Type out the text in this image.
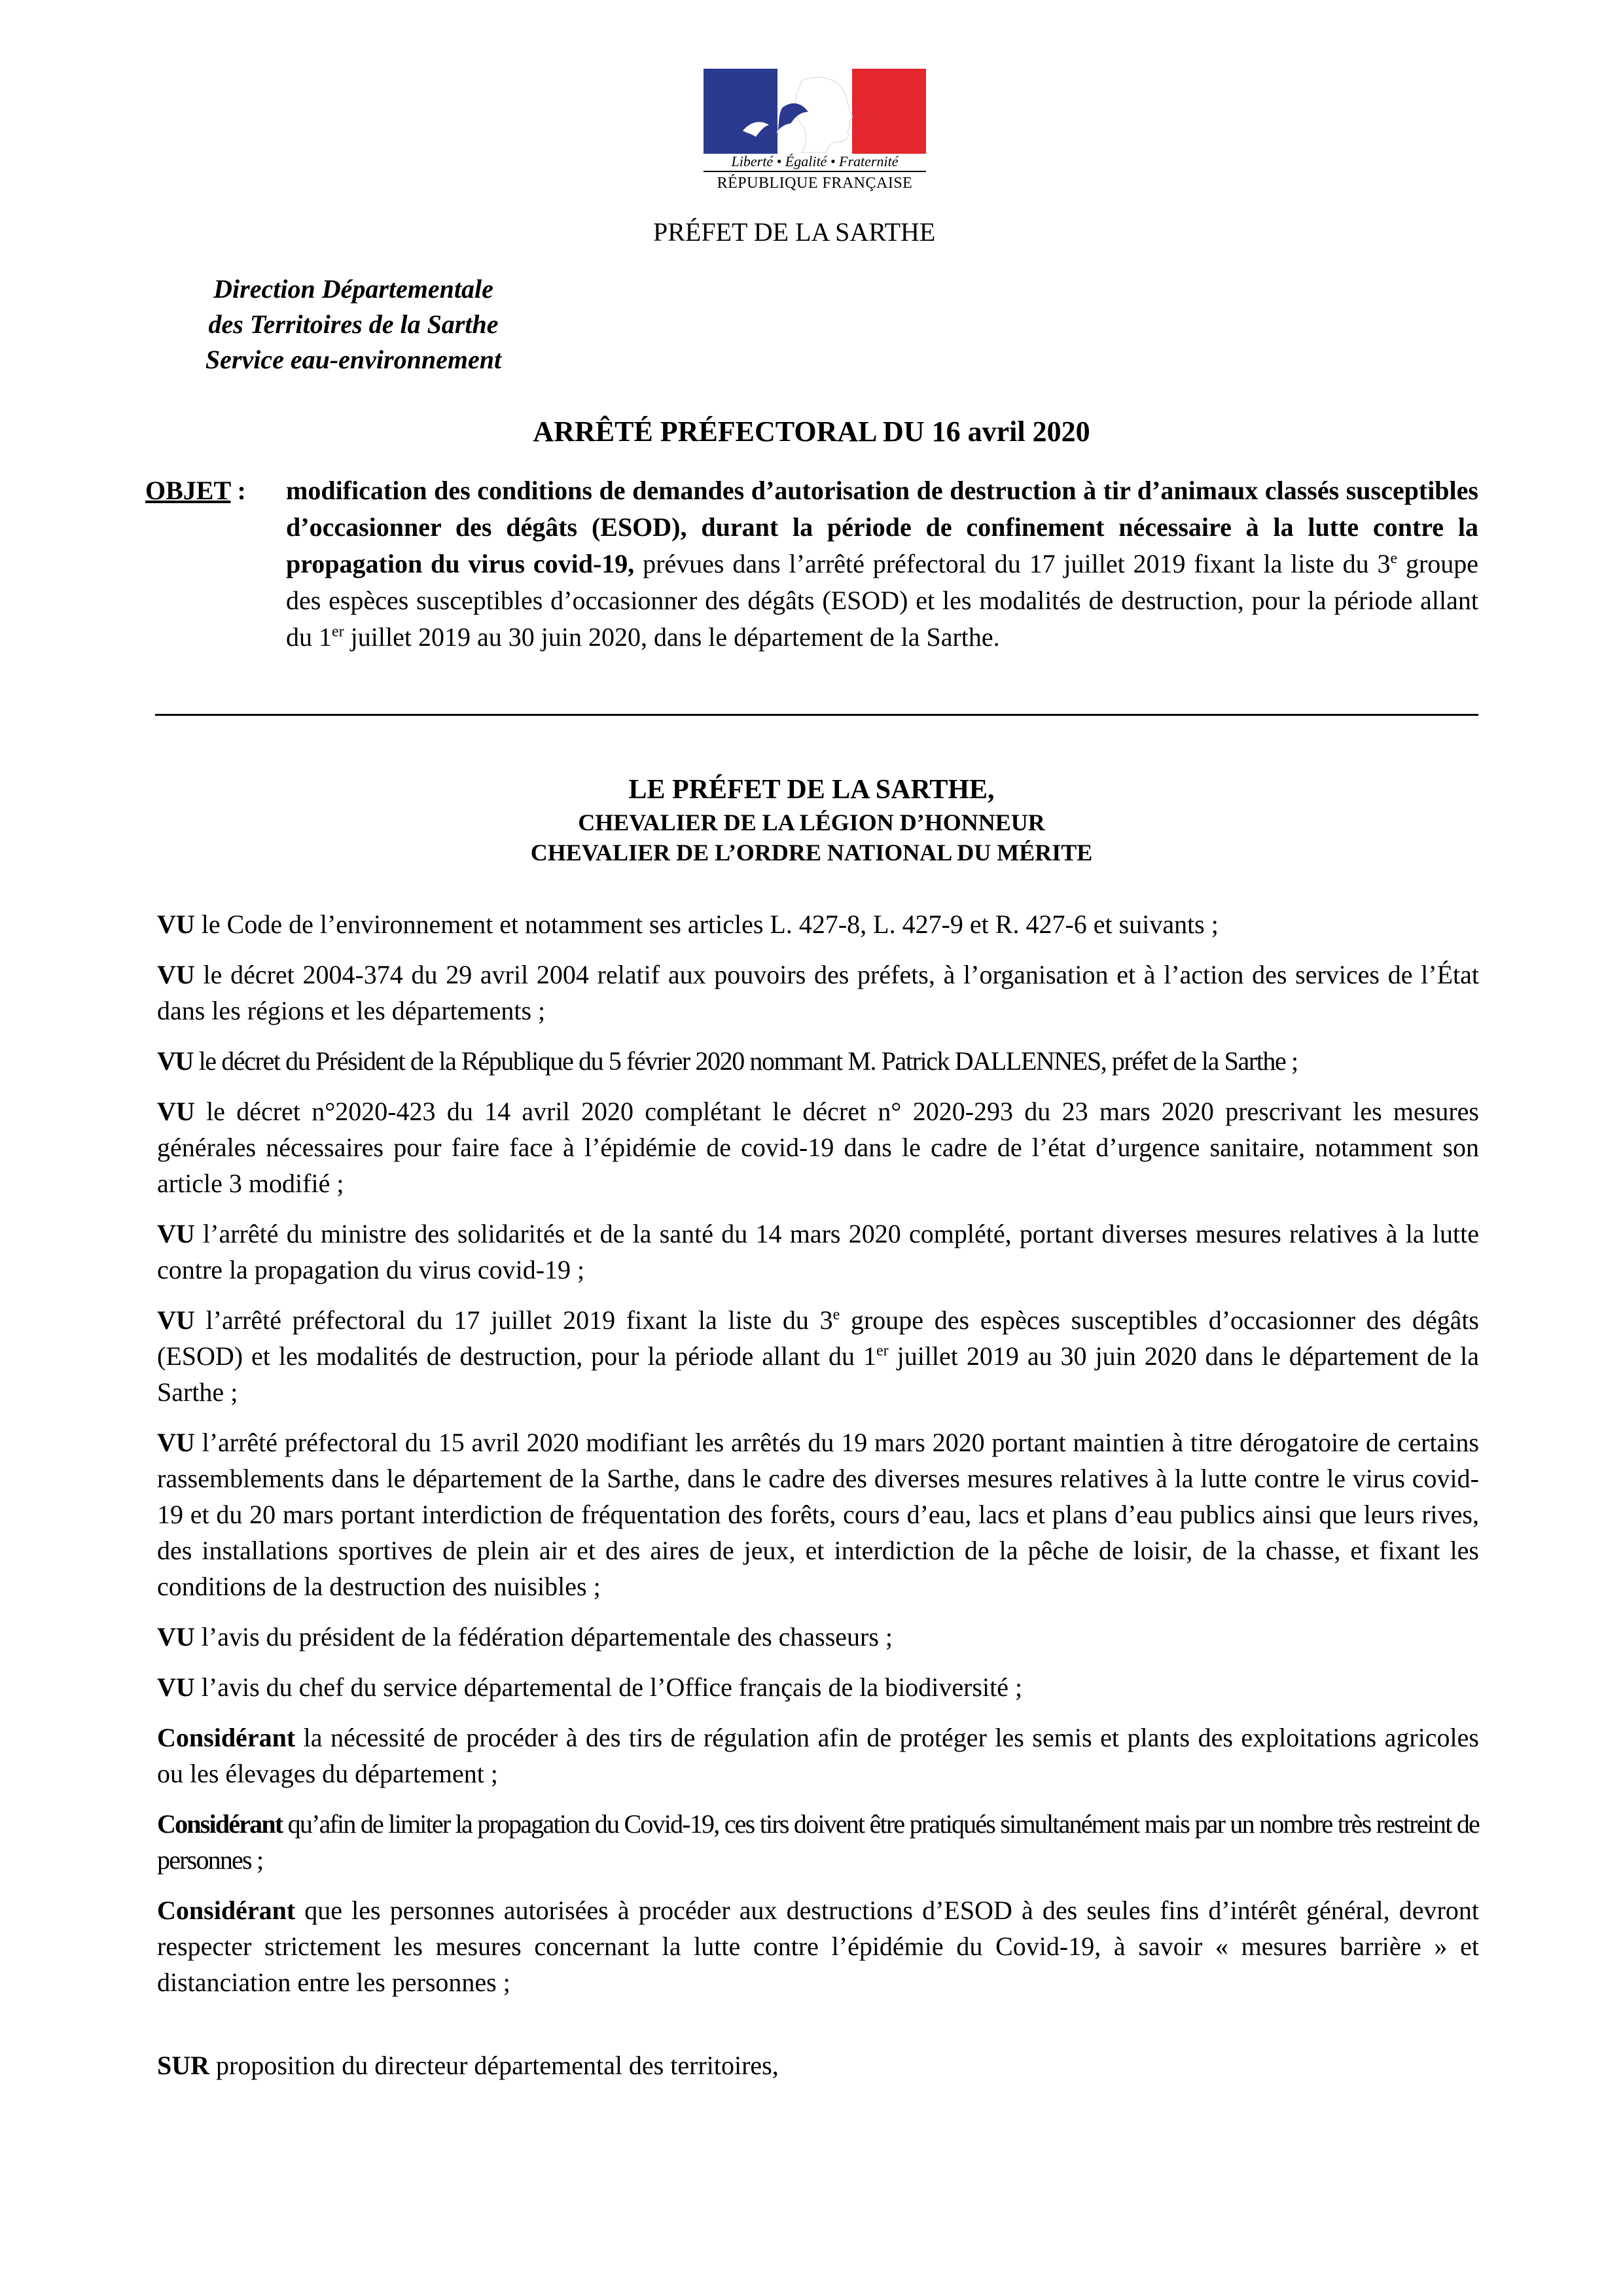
Liberté • Égalité • Fraternité
RÉPUBLIQUE FRANÇAISE
PRÉFET DE LA SARTHE
Direction Départementale
des Territoires de la Sarthe
Service eau-environnement
ARRÊTÉ PRÉFECTORAL DU 16 avril 2020
OBJET : modification des conditions de demandes d’autorisation de destruction à tir d’animaux classés susceptibles d’occasionner des dégâts (ESOD), durant la période de confinement nécessaire à la lutte contre la propagation du virus covid-19, prévues dans l’arrêté préfectoral du 17 juillet 2019 fixant la liste du 3e groupe des espèces susceptibles d’occasionner des dégâts (ESOD) et les modalités de destruction, pour la période allant du 1er juillet 2019 au 30 juin 2020, dans le département de la Sarthe.
LE PRÉFET DE LA SARTHE,
CHEVALIER DE LA LÉGION D’HONNEUR
CHEVALIER DE L’ORDRE NATIONAL DU MÉRITE

VU le Code de l’environnement et notamment ses articles L. 427-8, L. 427-9 et R. 427-6 et suivants ;

VU le décret 2004-374 du 29 avril 2004 relatif aux pouvoirs des préfets, à l’organisation et à l’action des services de l’État dans les régions et les départements ;

VU le décret du Président de la République du 5 février 2020 nommant M. Patrick DALLENNES, préfet de la Sarthe ;

VU le décret n°2020-423 du 14 avril 2020 complétant le décret n° 2020-293 du 23 mars 2020 prescrivant les mesures générales nécessaires pour faire face à l’épidémie de covid-19 dans le cadre de l’état d’urgence sanitaire, notamment son article 3 modifié ;

VU l’arrêté du ministre des solidarités et de la santé du 14 mars 2020 complété, portant diverses mesures relatives à la lutte contre la propagation du virus covid-19 ;

VU l’arrêté préfectoral du 17 juillet 2019 fixant la liste du 3e groupe des espèces susceptibles d’occasionner des dégâts (ESOD) et les modalités de destruction, pour la période allant du 1er juillet 2019 au 30 juin 2020 dans le département de la Sarthe ;

VU l’arrêté préfectoral du 15 avril 2020 modifiant les arrêtés du 19 mars 2020 portant maintien à titre dérogatoire de certains rassemblements dans le département de la Sarthe, dans le cadre des diverses mesures relatives à la lutte contre le virus covid-19 et du 20 mars portant interdiction de fréquentation des forêts, cours d’eau, lacs et plans d’eau publics ainsi que leurs rives, des installations sportives de plein air et des aires de jeux, et interdiction de la pêche de loisir, de la chasse, et fixant les conditions de la destruction des nuisibles ;

VU l’avis du président de la fédération départementale des chasseurs ;

VU l’avis du chef du service départemental de l’Office français de la biodiversité ;

Considérant la nécessité de procéder à des tirs de régulation afin de protéger les semis et plants des exploitations agricoles ou les élevages du département ;

Considérant qu’afin de limiter la propagation du Covid-19, ces tirs doivent être pratiqués simultanément mais par un nombre très restreint de personnes ;

Considérant que les personnes autorisées à procéder aux destructions d’ESOD à des seules fins d’intérêt général, devront respecter strictement les mesures concernant la lutte contre l’épidémie du Covid-19, à savoir « mesures barrière » et distanciation entre les personnes ;

SUR proposition du directeur départemental des territoires,
